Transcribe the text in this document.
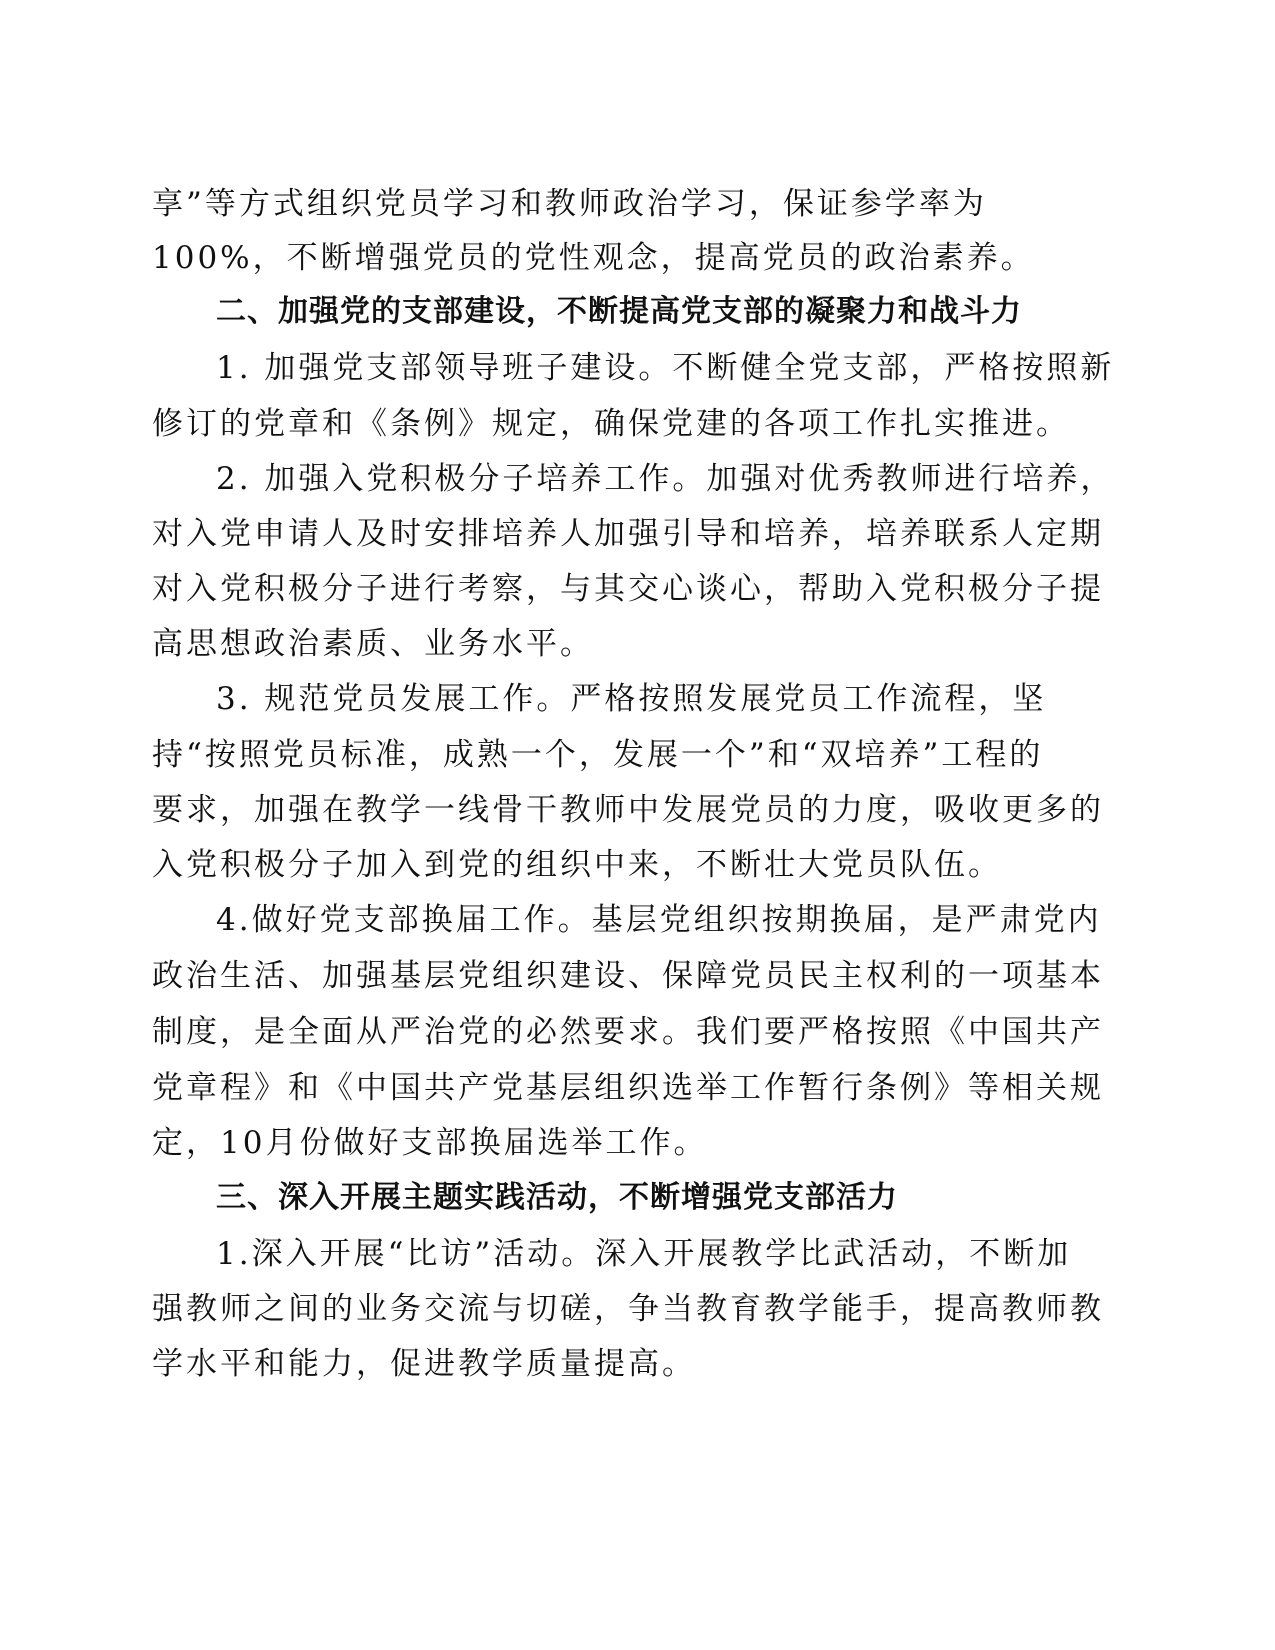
享”等方式组织党员学习和教师政治学习，保证参学率为
100%，不断增强党员的党性观念，提高党员的政治素养。
二、加强党的支部建设，不断提高党支部的凝聚力和战斗力
1. 加强党支部领导班子建设。不断健全党支部，严格按照新
修订的党章和《条例》规定，确保党建的各项工作扎实推进。
2. 加强入党积极分子培养工作。加强对优秀教师进行培养，
对入党申请人及时安排培养人加强引导和培养，培养联系人定期
对入党积极分子进行考察，与其交心谈心，帮助入党积极分子提
高思想政治素质、业务水平。
3. 规范党员发展工作。严格按照发展党员工作流程，坚
持“按照党员标准，成熟一个，发展一个”和“双培养”工程的
要求，加强在教学一线骨干教师中发展党员的力度，吸收更多的
入党积极分子加入到党的组织中来，不断壮大党员队伍。
4.做好党支部换届工作。基层党组织按期换届，是严肃党内
政治生活、加强基层党组织建设、保障党员民主权利的一项基本
制度，是全面从严治党的必然要求。我们要严格按照《中国共产
党章程》和《中国共产党基层组织选举工作暂行条例》等相关规
定，10月份做好支部换届选举工作。
三、深入开展主题实践活动，不断增强党支部活力
1.深入开展“比访”活动。深入开展教学比武活动，不断加
强教师之间的业务交流与切磋，争当教育教学能手，提高教师教
学水平和能力，促进教学质量提高。
